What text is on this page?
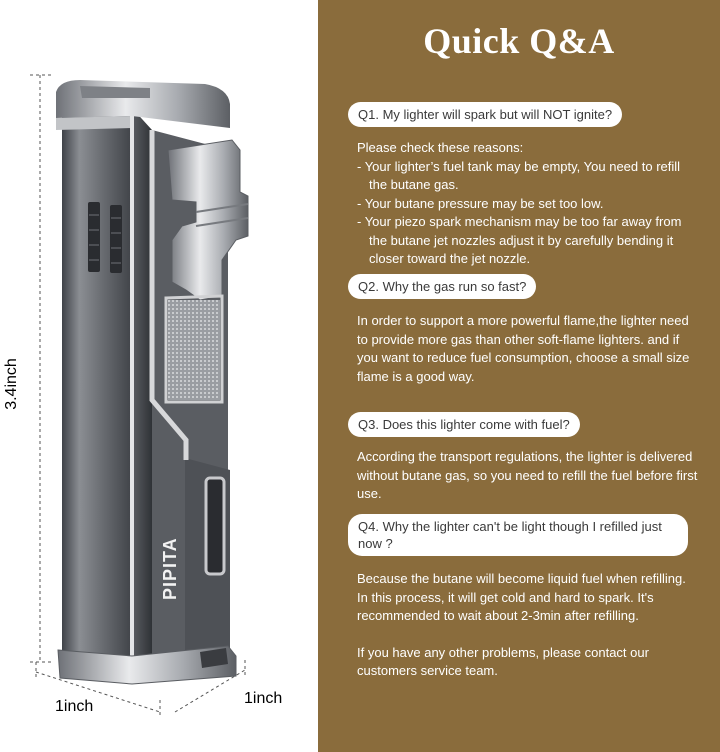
PIPITA
3.4inch
1inch	1inch
Quick Q&A
Q1. My lighter will spark but will NOT ignite?

Please check these reasons:

- Your lighter’s fuel tank may be empty, You need to refill the butane gas.

- Your butane pressure may be set too low.

- Your piezo spark mechanism may be too far away from the butane jet nozzles adjust it by carefully bending it closer toward the jet nozzle.

Q2. Why the gas run so fast?
In order to support a more powerful flame,the lighter need to provide more gas than other soft-flame lighters. and if you want to reduce fuel consumption, choose a small size flame is a good way.
Q3. Does this lighter come with fuel?
According the transport regulations, the lighter is delivered without butane gas, so you need to refill the fuel before first use.
Q4. Why the lighter can't be light though I refilled just now ?

Because the butane will become liquid fuel when refilling. In this process, it will get cold and hard to spark. It's recommended to wait about 2-3min after refilling.

If you have any other problems, please contact our customers service team.
